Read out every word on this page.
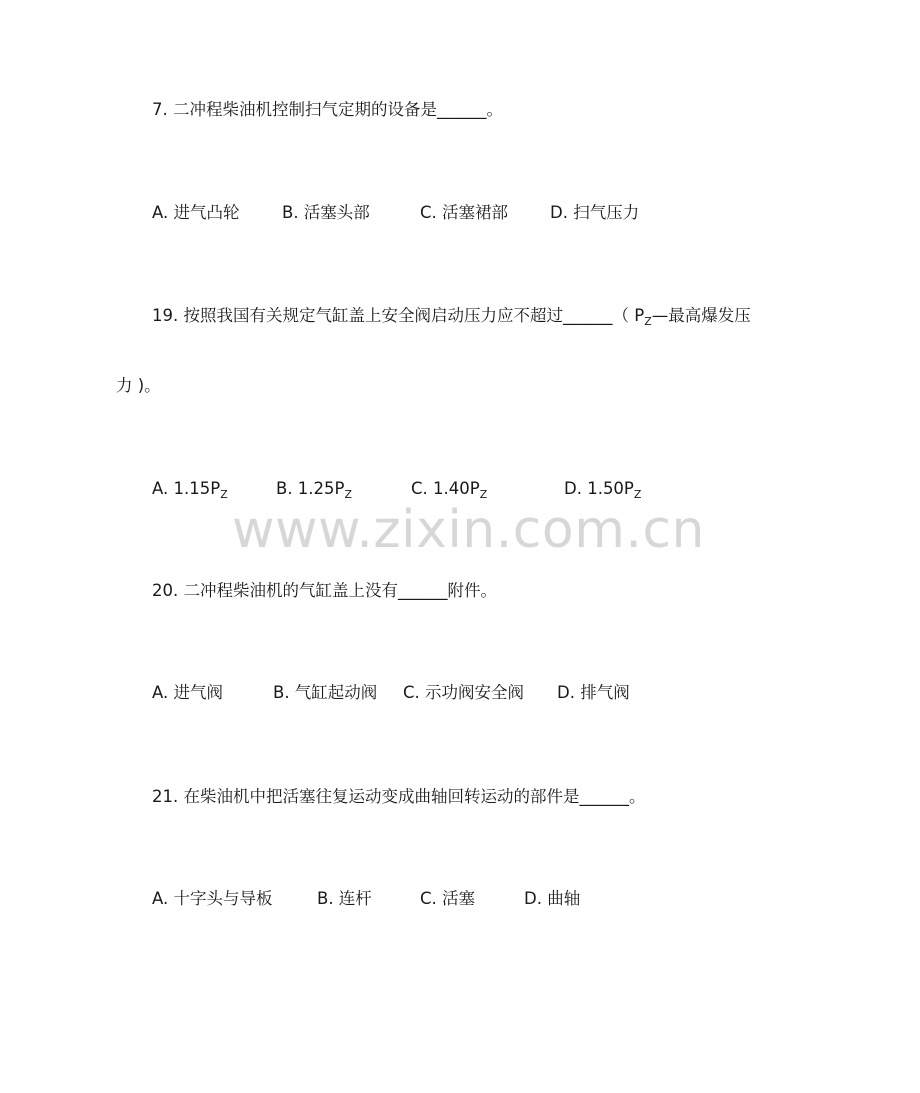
7. 二冲程柴油机控制扫气定期的设备是______。
A. 进气凸轮	B. 活塞头部	C. 活塞裙部	D. 扫气压力
19. 按照我国有关规定气缸盖上安全阀启动压力应不超过______（ $P_Z—$最高爆发压
力 )。
A. $1.15P_Z$	B. $1.25P_Z$	C. $1.40P_Z$	D. $1.50P_Z$
www.zixin.com.cn
20. 二冲程柴油机的气缸盖上没有______附件。
A. 进气阀	B. 气缸起动阀 C. 示功阀安全阀 D. 排气阀
21. 在柴油机中把活塞往复运动变成曲轴回转运动的部件是______。
A. 十字头与导板	B. 连杆	C. 活塞	D. 曲轴
